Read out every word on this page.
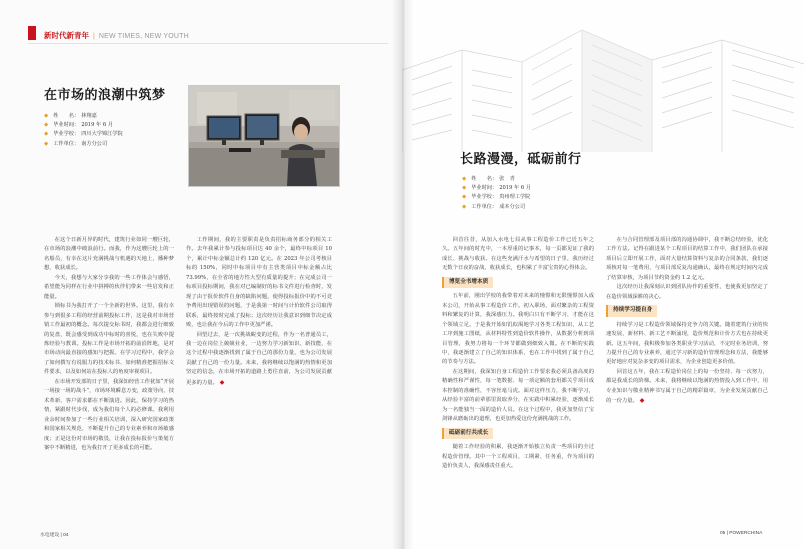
新时代新青年 | NEW TIMES, NEW YOUTH
在市场的浪潮中筑梦
◆ 姓　　名： 林翔嘉
◆ 毕业时间： 2019 年 6 月
◆ 毕业学校： 四川大学锦江学院
◆ 工作单位： 南方分公司

在这个日新月异的时代，建筑行业如同一艘巨轮，在市场的浪潮中破浪前行。而我，作为这艘巨轮上的一名船员，有幸在这片充满挑战与机遇的天地上，播种梦想，收获成长。

今天，我想与大家分享我的一些工作体会与感悟，希望能为同样在行业中拼搏的伙伴们带来一些启发和正能量。

锁标书为我打开了一个全新的世界。这里，我有幸参与到很多工程的经营前期投标工作，这是我对市场营销工作最初的概念。每次提交标书时，我都会进行细致的复盘，既会感受到成功中标时的喜悦，也在失败中提炼经验与教训。投标工作是市场开拓的前沿阵地，是对市场动向最直接的感知与把握。在学习过程中，我学会了如何撰写有说服力的技术标书、如何精准把握招标文件要求，以及如何站在投标人的角度审视项目。

在市场开发部的日子里，我深知经营工作犹如“开展一场接一场的战斗”，市场环境瞬息万变，政策导向、技术革新、客户需求都在不断演进。因此，保持学习的热情，紧跟时代步伐，成为我们每个人的必修课。我利用业余时间参加了一些行业相关培训，深入研究国家政策和国家相关规范，不断提升自己的专业素养和市场敏感度；正是这份对市场的敬畏，让我在投标报价与策划方案中不断精进，也为我打开了更多成长的可能。

工作期间，我的主要职责是负责招标商务部分的相关工作。去年我累计参与投标项目达 40 余个，最终中标项目 10 个，累计中标金额总计约 120 亿元。在 2023 年公司考核目标的 150%，同时中标项目中有主营类项目中标金额占比 73.99%，在全省的地方性大型有质量的提升；在完成公司一标项目投标期间，我在对已编制好的标书文件进行检查时，发现了由于报价软件自身的缺陷问题，使得投标报价中的不可竞争费用出现错误的问题，于是我第一时间与计价软件公司取得联系，最终按时完成了投标；这次经历让我意识到细节决定成败，也让我在今后的工作中更加严谨。

回望过去，是一次挑战蜕变的过程，作为一名普通员工，我一边在岗位上兢兢业业，一边努力学习新知识、新技能，在这个过程中我逐渐找到了属于自己的那份力量，也为公司发展贡献了自己的一份力量。未来，我将继续以饱满的热情和更加坚定的信念，在市场开拓的道路上勇往直前，为公司发展贡献更多的力量。 ◆

水电建设 | 04
长路漫漫，砥砺前行
◆ 姓　　名： 张　青
◆ 毕业时间： 2019 年 6 月
◆ 毕业学校： 贵州理工学院
◆ 工作单位： 成本分公司

回首往昔，从加入水电七局从事工程造价工作已近五年之久。五年间的时光中，一本厚重的记事本，每一页都见证了我的成长、挑战与收获。在这些充满汗水与希望的日子里，我历经过无数个日夜的奋战，收获成长，也积累了丰富宝贵的心得体会。

博览全书增本质

五年前，刚出学校的我带着对未来的憧憬和无限憧憬加入成本公司，开始从事工程造价工作。初入职场，面对繁杂的工程资料和繁复的计算，我深感压力。我明白只有不断学习，才能在这个领域立足。于是我开始如饥似渴地学习各类工程知识，从工艺工序到施工图纸，从材料特性到造价软件操作，从数据分析到项目管理，我努力将每一个环节都做到细致入微。在不断的实践中，我逐渐建立了自己的知识体系，也在工作中找到了属于自己的节奏与方法。

在这期间，我深知自身工程造价工作要求我必须具备高度的精确性和严谨性，每一笔数据、每一项定额的套用都关乎项目成本控制的准确性，不容丝毫马虎。面对这样压力，我不断学习，从经验丰富的前辈那里汲取养分，在实践中积累经验，逐渐成长为一名能独当一面的造价人员。在这个过程中，我更加坚信了宝剑锋从磨砺出的道理，也更加热爱这份充满挑战的工作。

砥砺前行共成长

随着工作经验的积累，我逐渐开始独立负责一些项目的全过程造价管理。其中一个工程项目，工期紧、任务重，作为项目的造价负责人，我深感责任重大。

在与合同管理部及项目部的沟通协调中，我不断总结经验，优化工作方法。记得在跟进某个工程项目的结算工作中，我们团队在承接项目后立即开展工作，面对大量结算资料与复杂的合同条款，我们逐项核对每一笔费用，与项目部反复沟通确认，最终在规定时间内完成了结算审核，为项目节约资金约 1.2 亿元。

这次经历让我深刻认识到团队协作的重要性，也使我更加坚定了在造价领域深耕的决心。

持续学习提自身

持续学习是工程造价领域保持竞争力的关键。随着建筑行业的快速发展，新材料、新工艺不断涌现，造价规范和计价方式也在持续更新。这五年间，我积极参加各类职业学习活动，不定时业务培训，努力提升自己的专业素养，通过学习新的造价管理理念和方法，我能够更好地应对复杂多变的项目需求，为企业创造更多价值。

回首这五年，我在工程造价岗位上的每一份坚持、每一次努力，都是我成长的阶梯。未来，我将继续以饱满的热情投入到工作中，用专业知识与敬业精神书写属于自己的精彩篇章，为企业发展贡献自己的一份力量。 ◆

05 | POWERCHINA
